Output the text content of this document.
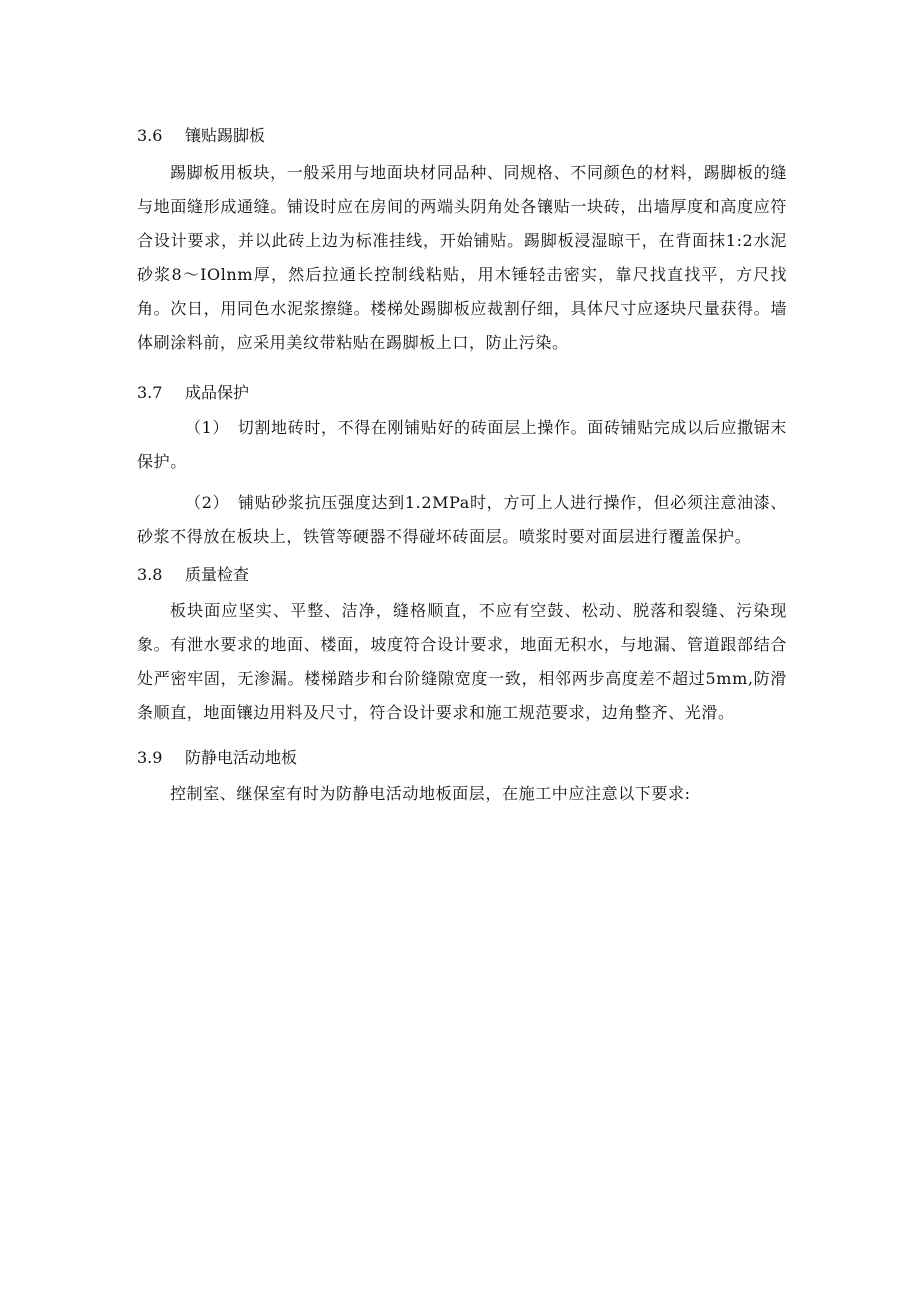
3.6 镶贴踢脚板
踢脚板用板块，一般采用与地面块材同品种、同规格、不同颜色的材料，踢脚板的缝与地面缝形成通缝。铺设时应在房间的两端头阴角处各镶贴一块砖，出墙厚度和高度应符合设计要求，并以此砖上边为标准挂线，开始铺贴。踢脚板浸湿晾干，在背面抹1:2水泥砂浆8～IOlnm厚，然后拉通长控制线粘贴，用木锤轻击密实，靠尺找直找平，方尺找角。次日，用同色水泥浆擦缝。楼梯处踢脚板应裁割仔细，具体尺寸应逐块尺量获得。墙体刷涂料前，应采用美纹带粘贴在踢脚板上口，防止污染。
3.7 成品保护
（1）　切割地砖时，不得在刚铺贴好的砖面层上操作。面砖铺贴完成以后应撒锯末保护。
（2）　铺贴砂浆抗压强度达到1.2MPa时，方可上人进行操作，但必须注意油漆、砂浆不得放在板块上，铁管等硬器不得碰坏砖面层。喷浆时要对面层进行覆盖保护。
3.8 质量检查
板块面应坚实、平整、洁净，缝格顺直，不应有空鼓、松动、脱落和裂缝、污染现象。有泄水要求的地面、楼面，坡度符合设计要求，地面无积水，与地漏、管道跟部结合处严密牢固，无渗漏。楼梯踏步和台阶缝隙宽度一致，相邻两步高度差不超过5mm,防滑条顺直，地面镶边用料及尺寸，符合设计要求和施工规范要求，边角整齐、光滑。
3.9 防静电活动地板
控制室、继保室有时为防静电活动地板面层，在施工中应注意以下要求:
